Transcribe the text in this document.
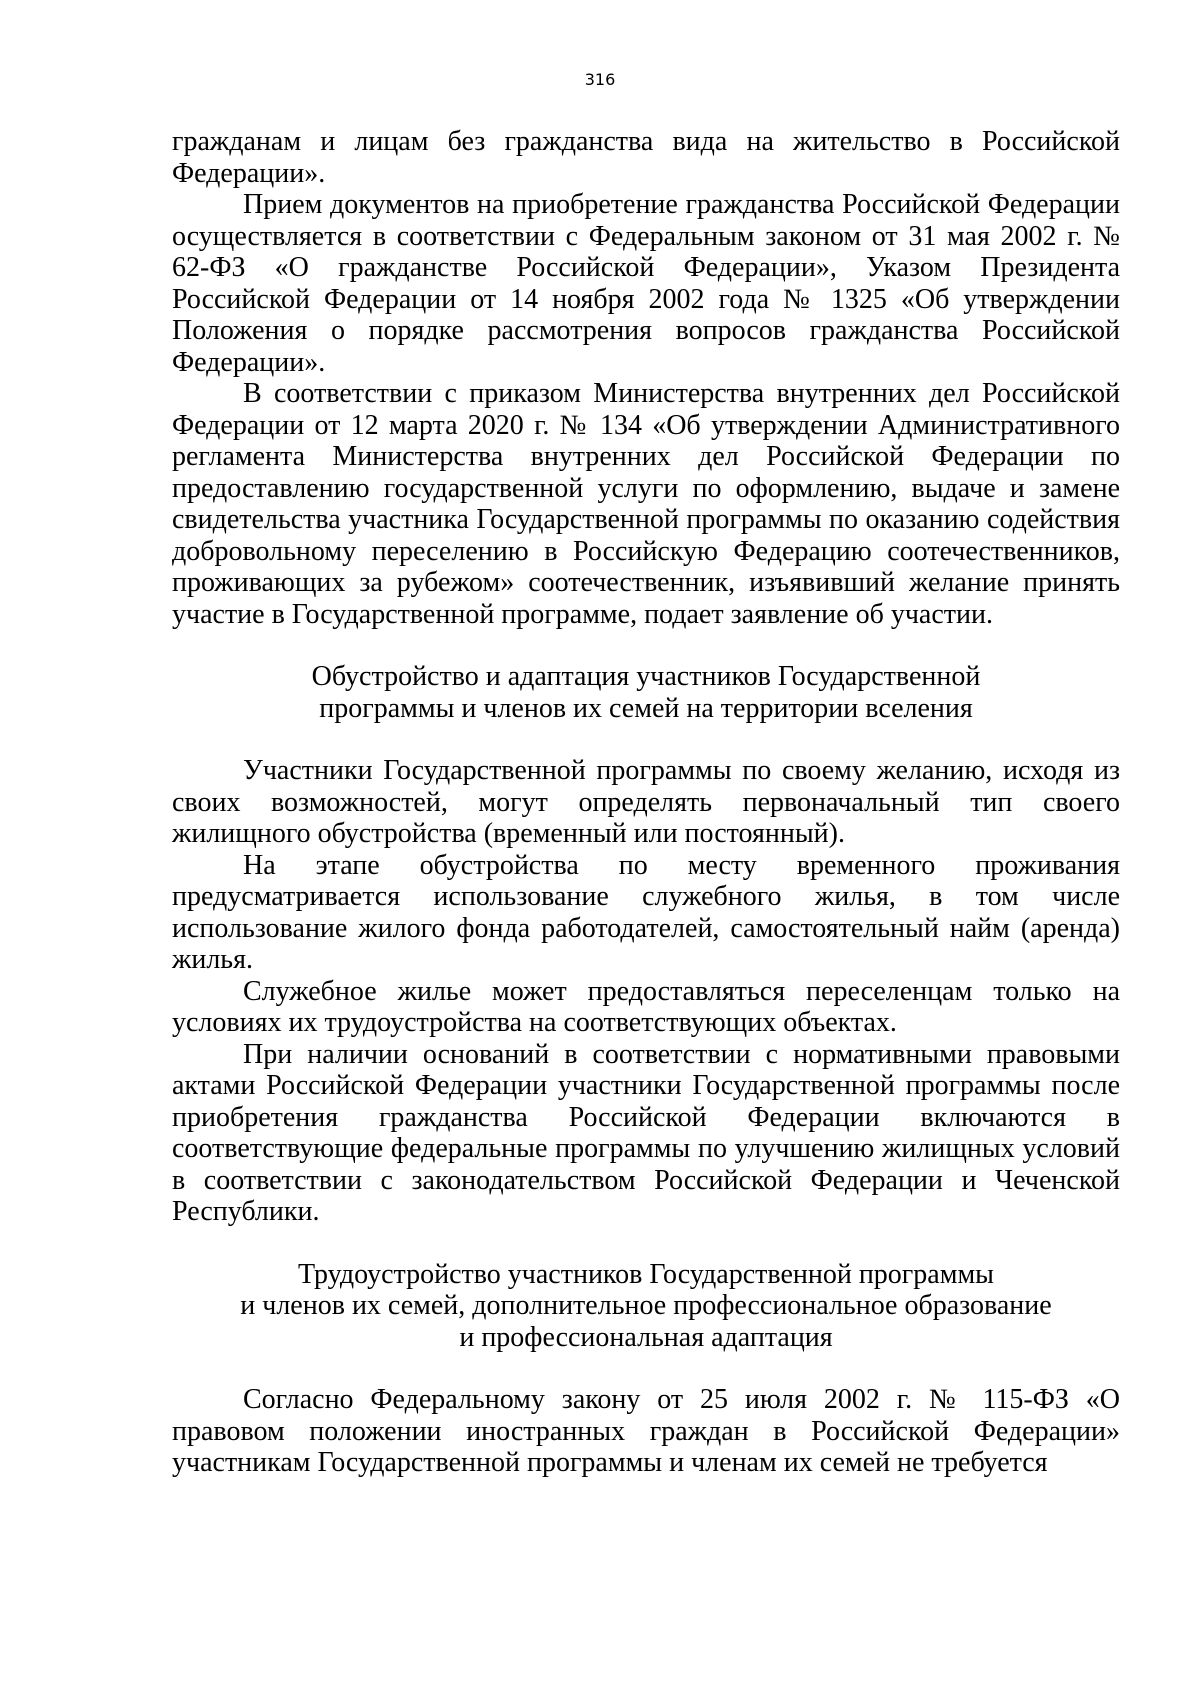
316

гражданам и лицам без гражданства вида на жительство в Российской Федерации».

Прием документов на приобретение гражданства Российской Федерации осуществляется в соответствии с Федеральным законом от 31 мая 2002 г. № 62-ФЗ «О гражданстве Российской Федерации», Указом Президента Российской Федерации от 14 ноября 2002 года № 1325 «Об утверждении Положения о порядке рассмотрения вопросов гражданства Российской Федерации».

В соответствии с приказом Министерства внутренних дел Российской Федерации от 12 марта 2020 г. № 134 «Об утверждении Административного регламента Министерства внутренних дел Российской Федерации по предоставлению государственной услуги по оформлению, выдаче и замене свидетельства участника Государственной программы по оказанию содействия добровольному переселению в Российскую Федерацию соотечественников, проживающих за рубежом» соотечественник, изъявивший желание принять участие в Государственной программе, подает заявление об участии.

Обустройство и адаптация участников Государственной
программы и членов их семей на территории вселения

Участники Государственной программы по своему желанию, исходя из своих возможностей, могут определять первоначальный тип своего жилищного обустройства (временный или постоянный).

На этапе обустройства по месту временного проживания предусматривается использование служебного жилья, в том числе использование жилого фонда работодателей, самостоятельный найм (аренда) жилья.

Служебное жилье может предоставляться переселенцам только на условиях их трудоустройства на соответствующих объектах.

При наличии оснований в соответствии с нормативными правовыми актами Российской Федерации участники Государственной программы после приобретения гражданства Российской Федерации включаются в соответствующие федеральные программы по улучшению жилищных условий в соответствии с законодательством Российской Федерации и Чеченской Республики.

Трудоустройство участников Государственной программы
и членов их семей, дополнительное профессиональное образование
и профессиональная адаптация

Согласно Федеральному закону от 25 июля 2002 г. № 115-ФЗ «О правовом положении иностранных граждан в Российской Федерации» участникам Государственной программы и членам их семей не требуется
